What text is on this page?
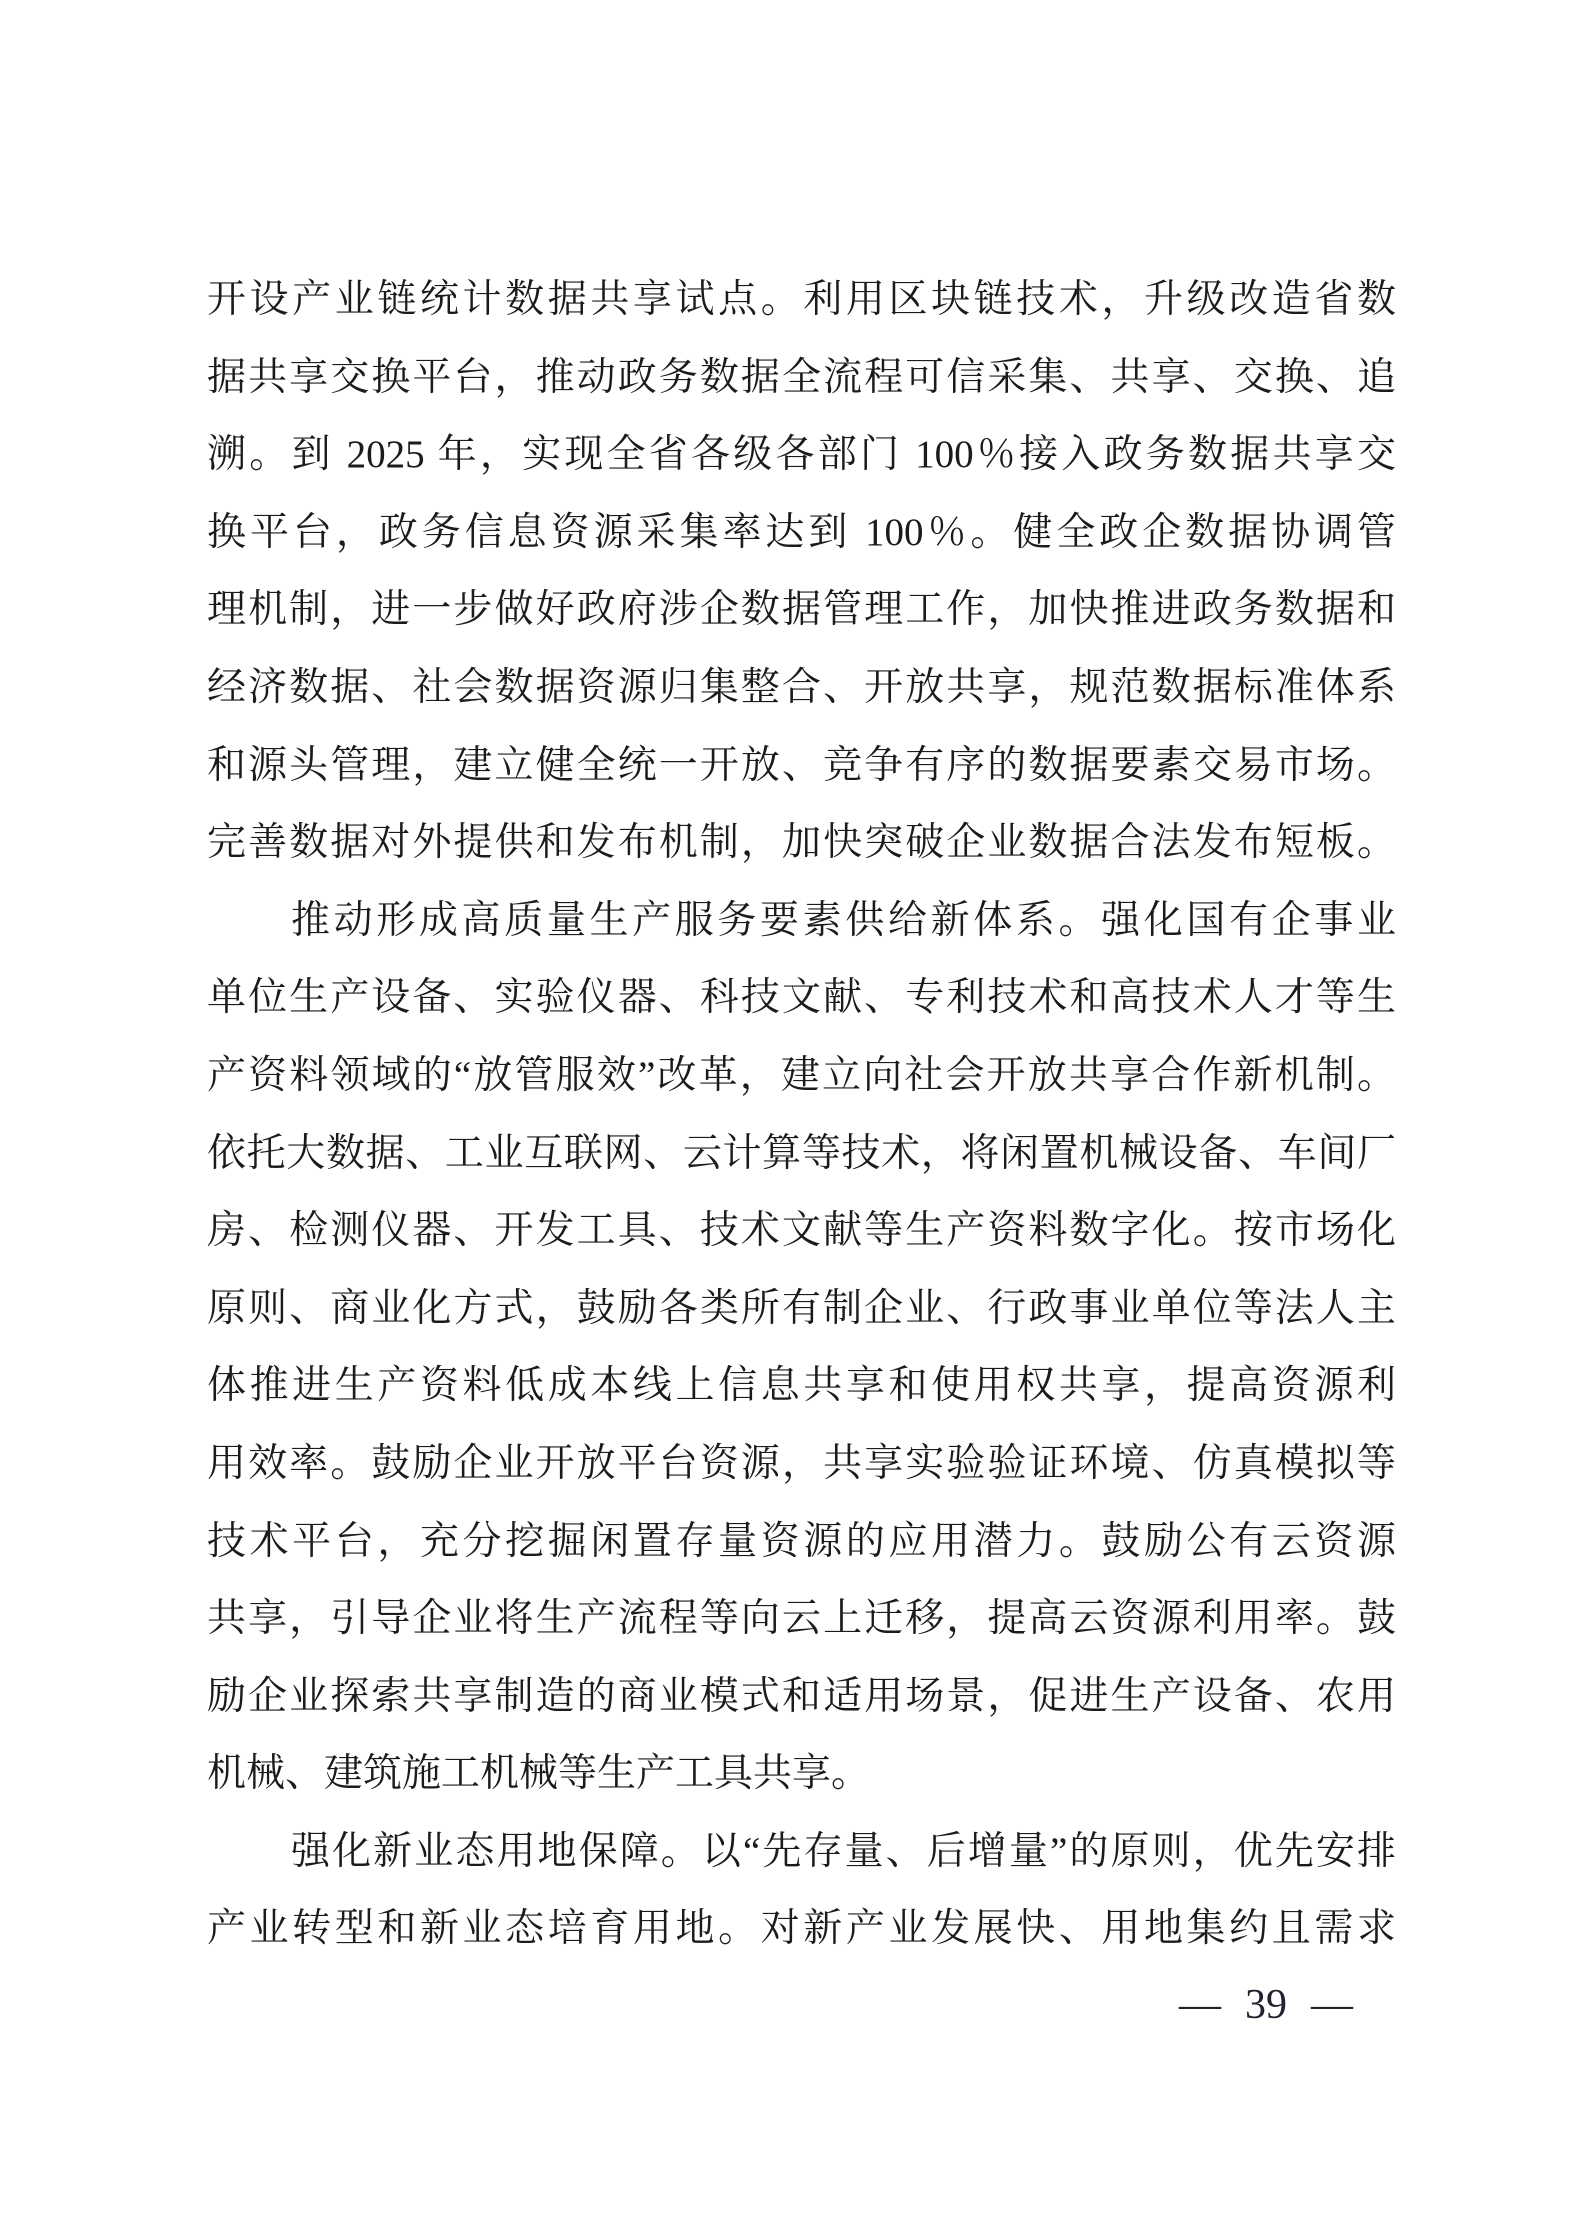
开设产业链统计数据共享试点。利用区块链技术，升级改造省数
据共享交换平台，推动政务数据全流程可信采集、共享、交换、追
溯。到 2025 年，实现全省各级各部门 100％接入政务数据共享交
换平台，政务信息资源采集率达到 100％。健全政企数据协调管
理机制，进一步做好政府涉企数据管理工作，加快推进政务数据和
经济数据、社会数据资源归集整合、开放共享，规范数据标准体系
和源头管理，建立健全统一开放、竞争有序的数据要素交易市场。
完善数据对外提供和发布机制，加快突破企业数据合法发布短板。
推动形成高质量生产服务要素供给新体系。强化国有企事业
单位生产设备、实验仪器、科技文献、专利技术和高技术人才等生
产资料领域的“放管服效”改革，建立向社会开放共享合作新机制。
依托大数据、工业互联网、云计算等技术，将闲置机械设备、车间厂
房、检测仪器、开发工具、技术文献等生产资料数字化。按市场化
原则、商业化方式，鼓励各类所有制企业、行政事业单位等法人主
体推进生产资料低成本线上信息共享和使用权共享，提高资源利
用效率。鼓励企业开放平台资源，共享实验验证环境、仿真模拟等
技术平台，充分挖掘闲置存量资源的应用潜力。鼓励公有云资源
共享，引导企业将生产流程等向云上迁移，提高云资源利用率。鼓
励企业探索共享制造的商业模式和适用场景，促进生产设备、农用
机械、建筑施工机械等生产工具共享。
强化新业态用地保障。以“先存量、后增量”的原则，优先安排
产业转型和新业态培育用地。对新产业发展快、用地集约且需求
— 39 —
